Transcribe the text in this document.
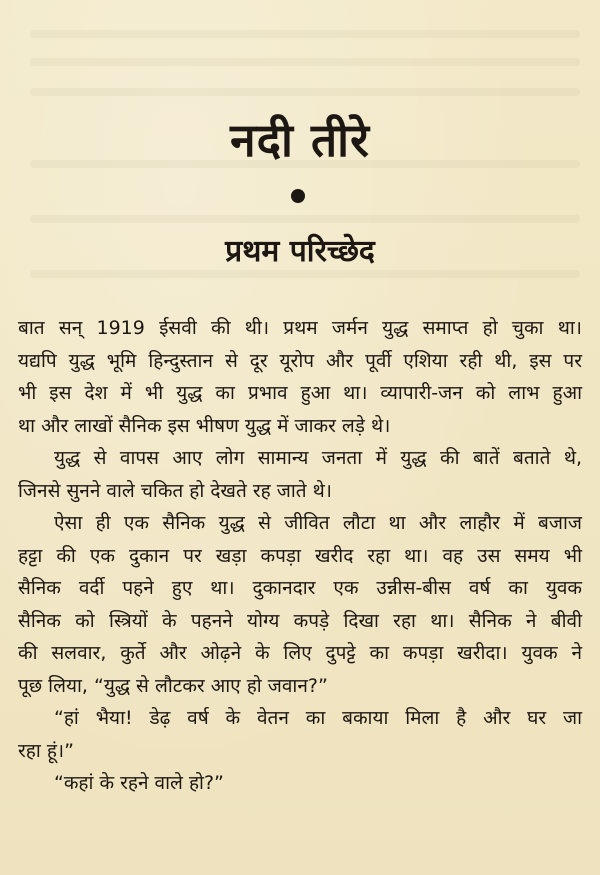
नदी तीरे
प्रथम परिच्छेद
बात सन् 1919 ईसवी की थी। प्रथम जर्मन युद्ध समाप्त हो चुका था।
यद्यपि युद्ध भूमि हिन्दुस्तान से दूर यूरोप और पूर्वी एशिया रही थी, इस पर
भी इस देश में भी युद्ध का प्रभाव हुआ था। व्यापारी-जन को लाभ हुआ
था और लाखों सैनिक इस भीषण युद्ध में जाकर लड़े थे।
युद्ध से वापस आए लोग सामान्य जनता में युद्ध की बातें बताते थे,
जिनसे सुनने वाले चकित हो देखते रह जाते थे।
ऐसा ही एक सैनिक युद्ध से जीवित लौटा था और लाहौर में बजाज
हट्टा की एक दुकान पर खड़ा कपड़ा खरीद रहा था। वह उस समय भी
सैनिक वर्दी पहने हुए था। दुकानदार एक उन्नीस-बीस वर्ष का युवक
सैनिक को स्त्रियों के पहनने योग्य कपड़े दिखा रहा था। सैनिक ने बीवी
की सलवार, कुर्ते और ओढ़ने के लिए दुपट्टे का कपड़ा खरीदा। युवक ने
पूछ लिया, “युद्ध से लौटकर आए हो जवान?”
“हां भैया! डेढ़ वर्ष के वेतन का बकाया मिला है और घर जा
रहा हूं।”
“कहां के रहने वाले हो?”
